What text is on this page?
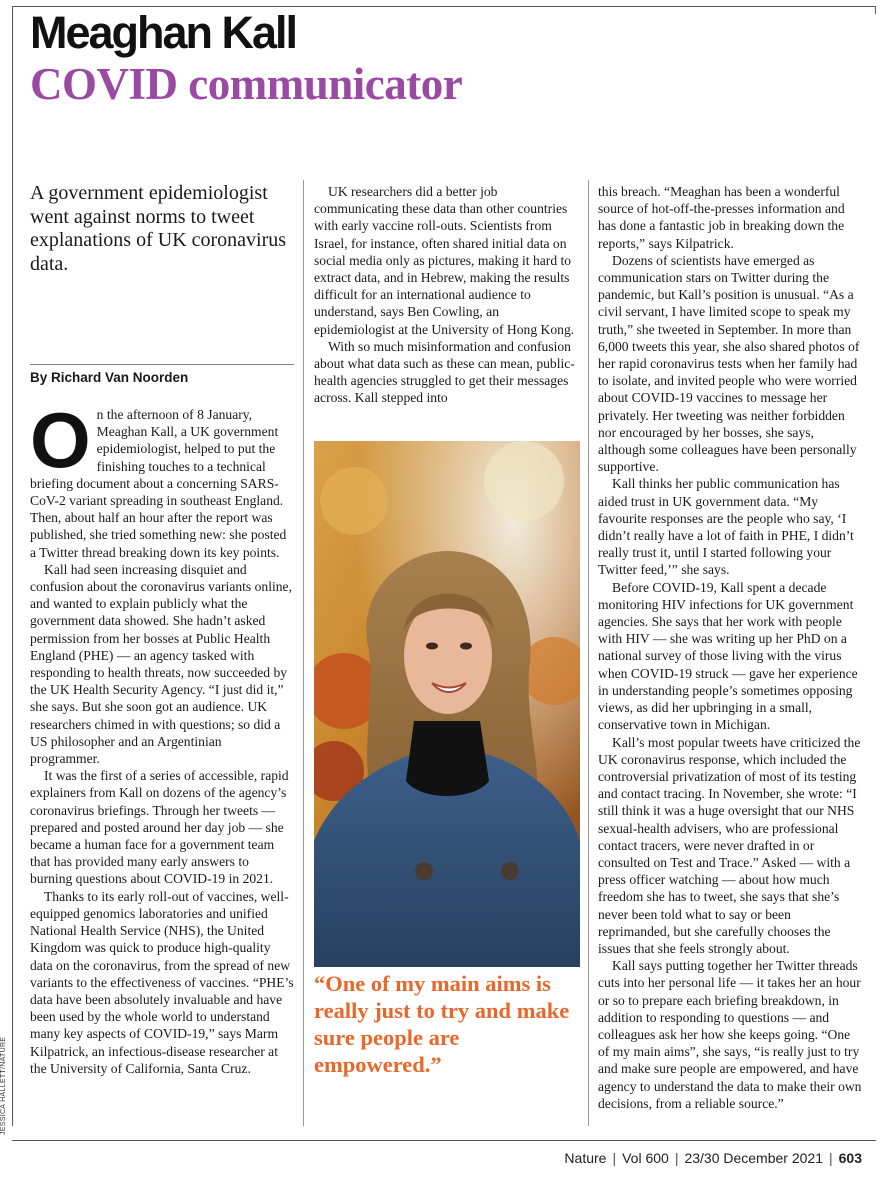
Meaghan Kall
COVID communicator

A government epidemiologist went against norms to tweet explanations of UK coronavirus data.

By Richard Van Noorden

On the afternoon of 8 January, Meaghan Kall, a UK government epidemiologist, helped to put the finishing touches to a technical briefing document about a concerning SARS-CoV-2 variant spreading in southeast England. Then, about half an hour after the report was published, she tried something new: she posted a Twitter thread breaking down its key points.

Kall had seen increasing disquiet and confusion about the coronavirus variants online, and wanted to explain publicly what the government data showed. She hadn’t asked permission from her bosses at Public Health England (PHE) — an agency tasked with responding to health threats, now succeeded by the UK Health Security Agency. “I just did it,” she says. But she soon got an audience. UK researchers chimed in with questions; so did a US philosopher and an Argentinian programmer.

It was the first of a series of accessible, rapid explainers from Kall on dozens of the agency’s coronavirus briefings. Through her tweets — prepared and posted around her day job — she became a human face for a government team that has provided many early answers to burning questions about COVID-19 in 2021.

Thanks to its early roll-out of vaccines, well-equipped genomics laboratories and unified National Health Service (NHS), the United Kingdom was quick to produce high-quality data on the coronavirus, from the spread of new variants to the effectiveness of vaccines. “PHE’s data have been absolutely invaluable and have been used by the whole world to understand many key aspects of COVID-19,” says Marm Kilpatrick, an infectious-disease researcher at the University of California, Santa Cruz.

UK researchers did a better job communicating these data than other countries with early vaccine roll-outs. Scientists from Israel, for instance, often shared initial data on social media only as pictures, making it hard to extract data, and in Hebrew, making the results difficult for an international audience to understand, says Ben Cowling, an epidemiologist at the University of Hong Kong.

With so much misinformation and confusion about what data such as these can mean, public-health agencies struggled to get their messages across. Kall stepped into

“One of my main aims is really just to try and make sure people are empowered.”

this breach. “Meaghan has been a wonderful source of hot-off-the-presses information and has done a fantastic job in breaking down the reports,” says Kilpatrick.

Dozens of scientists have emerged as communication stars on Twitter during the pandemic, but Kall’s position is unusual. “As a civil servant, I have limited scope to speak my truth,” she tweeted in September. In more than 6,000 tweets this year, she also shared photos of her rapid coronavirus tests when her family had to isolate, and invited people who were worried about COVID-19 vaccines to message her privately. Her tweeting was neither forbidden nor encouraged by her bosses, she says, although some colleagues have been personally supportive.

Kall thinks her public communication has aided trust in UK government data. “My favourite responses are the people who say, ‘I didn’t really have a lot of faith in PHE, I didn’t really trust it, until I started following your Twitter feed,’” she says.

Before COVID-19, Kall spent a decade monitoring HIV infections for UK government agencies. She says that her work with people with HIV — she was writing up her PhD on a national survey of those living with the virus when COVID-19 struck — gave her experience in understanding people’s sometimes opposing views, as did her upbringing in a small, conservative town in Michigan.

Kall’s most popular tweets have criticized the UK coronavirus response, which included the controversial privatization of most of its testing and contact tracing. In November, she wrote: “I still think it was a huge oversight that our NHS sexual-health advisers, who are professional contact tracers, were never drafted in or consulted on Test and Trace.” Asked — with a press officer watching — about how much freedom she has to tweet, she says that she’s never been told what to say or been reprimanded, but she carefully chooses the issues that she feels strongly about.

Kall says putting together her Twitter threads cuts into her personal life — it takes her an hour or so to prepare each briefing breakdown, in addition to responding to questions — and colleagues ask her how she keeps going. “One of my main aims”, she says, “is really just to try and make sure people are empowered, and have agency to understand the data to make their own decisions, from a reliable source.”

JESSICA HALLETT/NATURE
Nature | Vol 600 | 23/30 December 2021 | 603
